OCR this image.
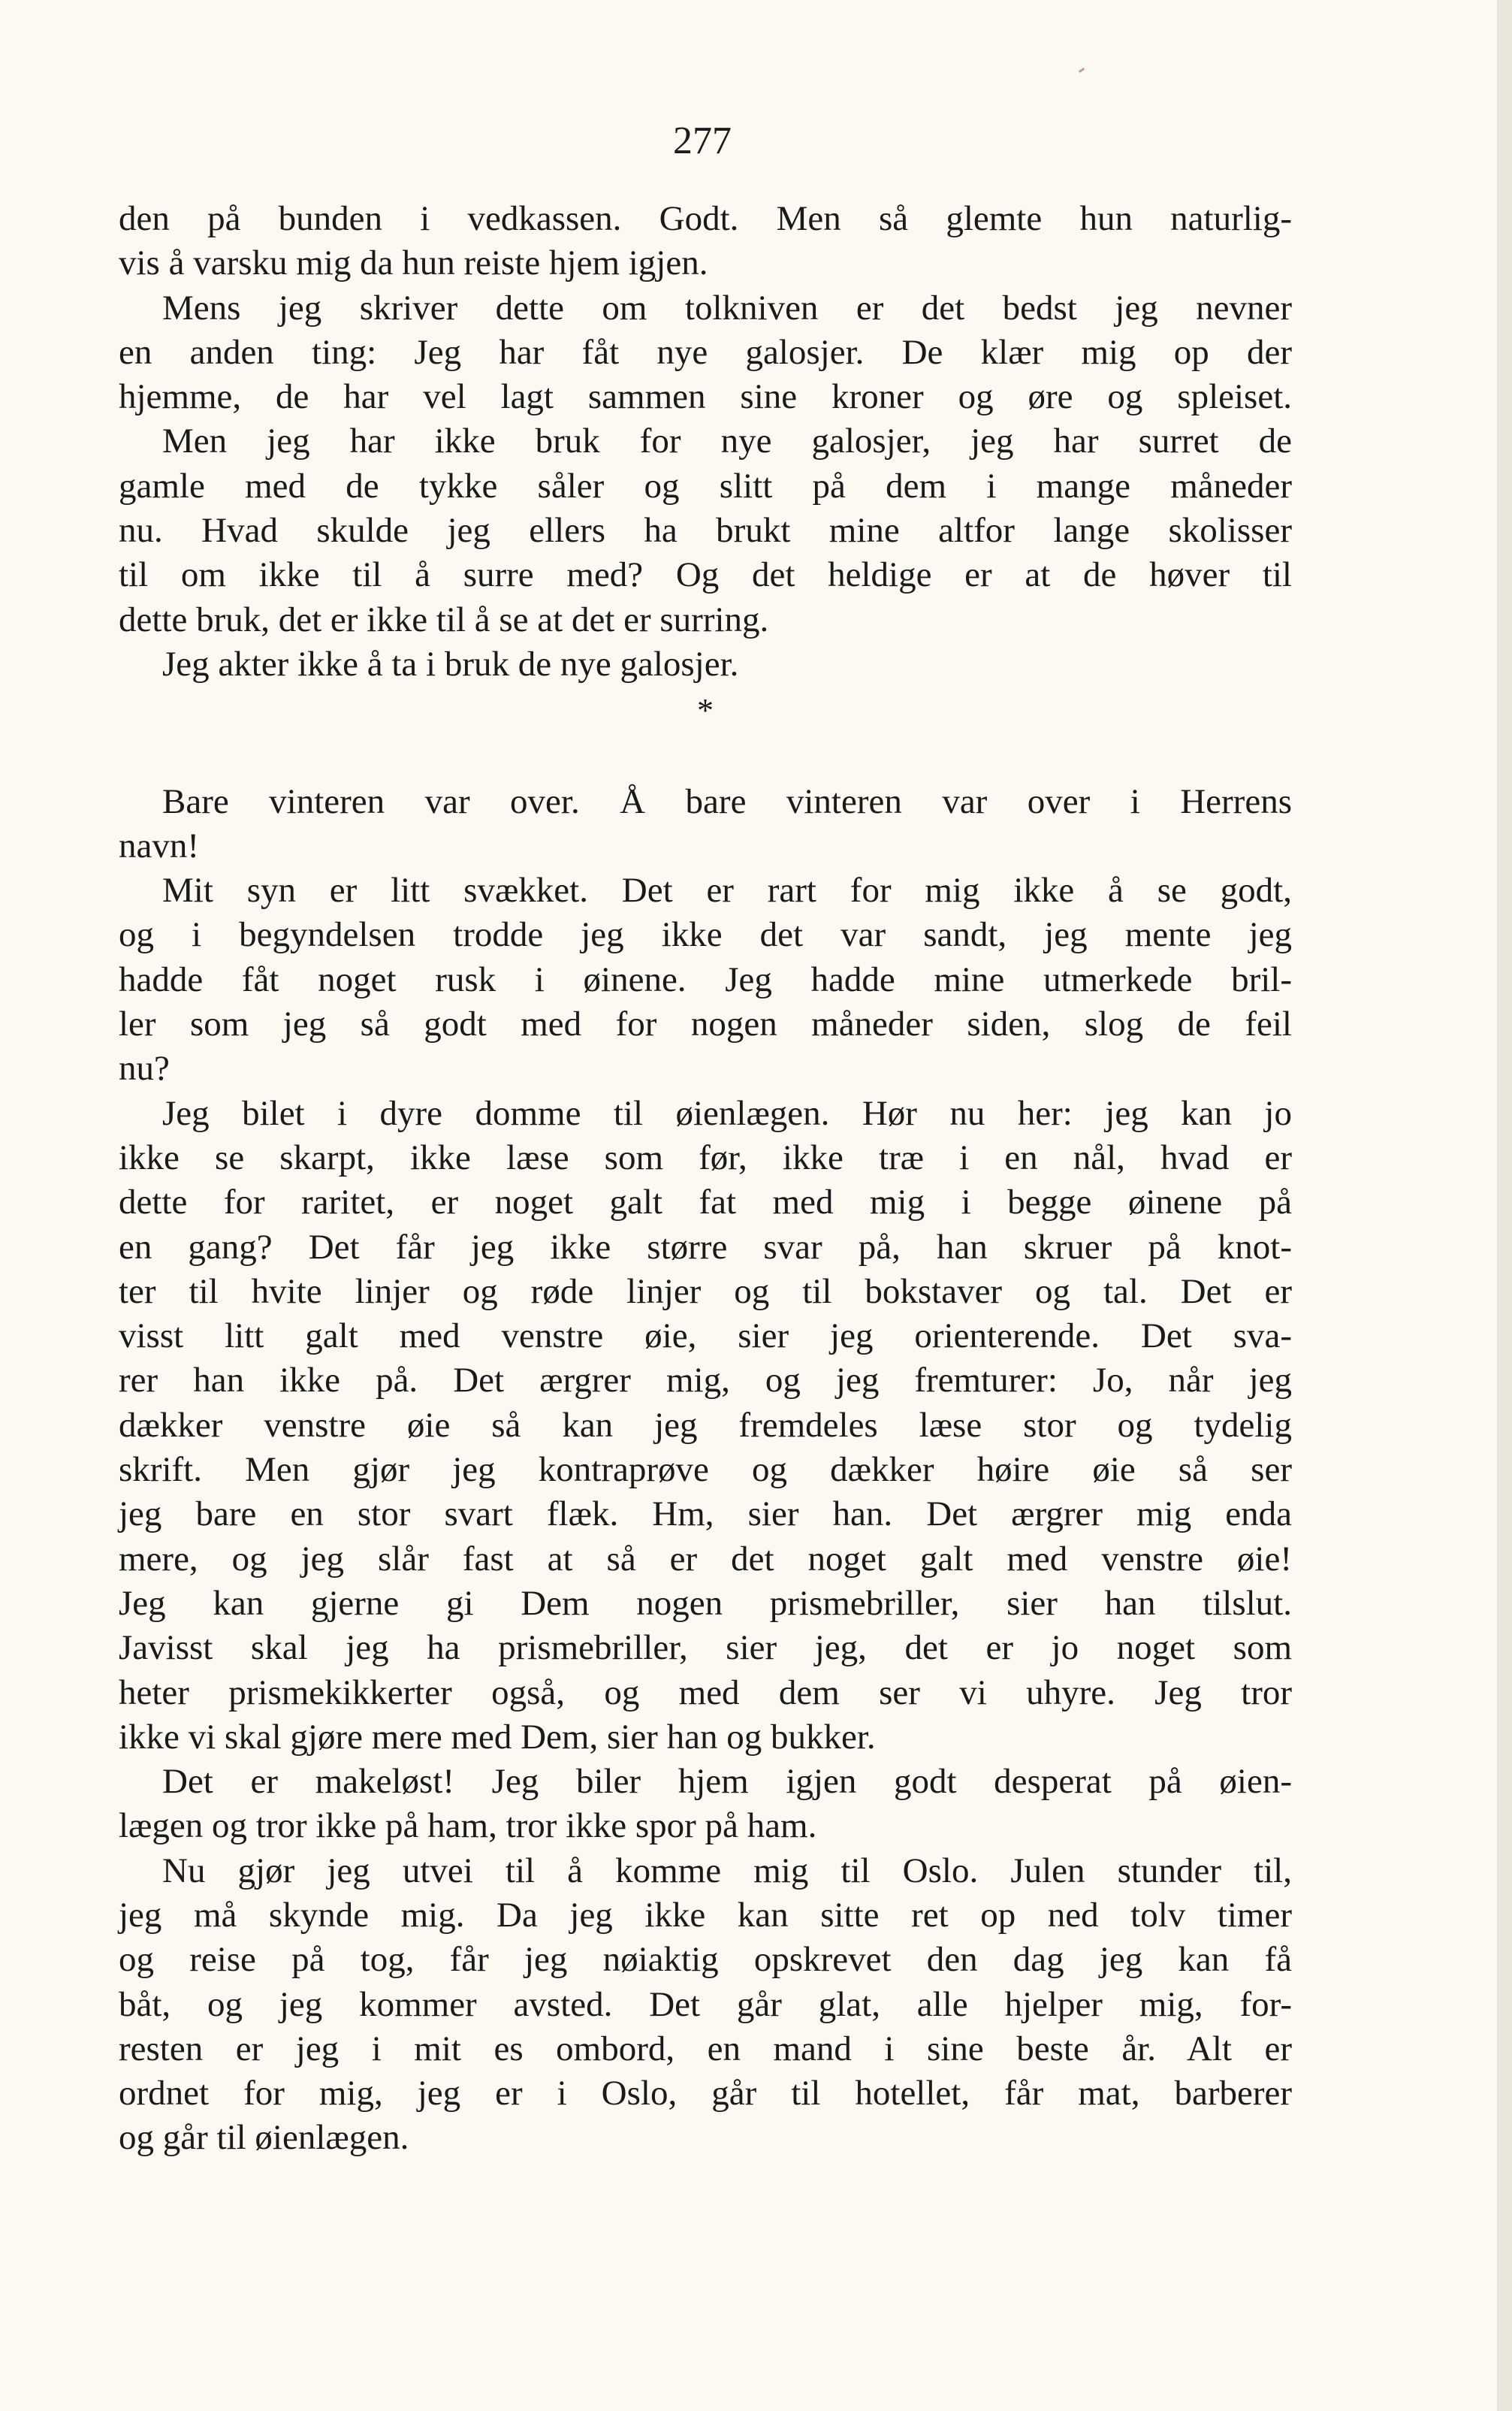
277
den på bunden i vedkassen. Godt. Men så glemte hun naturlig-
vis å varsku mig da hun reiste hjem igjen.
Mens jeg skriver dette om tolkniven er det bedst jeg nevner
en anden ting: Jeg har fåt nye galosjer. De klær mig op der
hjemme, de har vel lagt sammen sine kroner og øre og spleiset.
Men jeg har ikke bruk for nye galosjer, jeg har surret de
gamle med de tykke såler og slitt på dem i mange måneder
nu. Hvad skulde jeg ellers ha brukt mine altfor lange skolisser
til om ikke til å surre med? Og det heldige er at de høver til
dette bruk, det er ikke til å se at det er surring.
Jeg akter ikke å ta i bruk de nye galosjer.
*
Bare vinteren var over. Å bare vinteren var over i Herrens
navn!
Mit syn er litt svækket. Det er rart for mig ikke å se godt,
og i begyndelsen trodde jeg ikke det var sandt, jeg mente jeg
hadde fåt noget rusk i øinene. Jeg hadde mine utmerkede bril-
ler som jeg så godt med for nogen måneder siden, slog de feil
nu?
Jeg bilet i dyre domme til øienlægen. Hør nu her: jeg kan jo
ikke se skarpt, ikke læse som før, ikke træ i en nål, hvad er
dette for raritet, er noget galt fat med mig i begge øinene på
en gang? Det får jeg ikke større svar på, han skruer på knot-
ter til hvite linjer og røde linjer og til bokstaver og tal. Det er
visst litt galt med venstre øie, sier jeg orienterende. Det sva-
rer han ikke på. Det ærgrer mig, og jeg fremturer: Jo, når jeg
dækker venstre øie så kan jeg fremdeles læse stor og tydelig
skrift. Men gjør jeg kontraprøve og dækker høire øie så ser
jeg bare en stor svart flæk. Hm, sier han. Det ærgrer mig enda
mere, og jeg slår fast at så er det noget galt med venstre øie!
Jeg kan gjerne gi Dem nogen prismebriller, sier han tilslut.
Javisst skal jeg ha prismebriller, sier jeg, det er jo noget som
heter prismekikkerter også, og med dem ser vi uhyre. Jeg tror
ikke vi skal gjøre mere med Dem, sier han og bukker.
Det er makeløst! Jeg biler hjem igjen godt desperat på øien-
lægen og tror ikke på ham, tror ikke spor på ham.
Nu gjør jeg utvei til å komme mig til Oslo. Julen stunder til,
jeg må skynde mig. Da jeg ikke kan sitte ret op ned tolv timer
og reise på tog, får jeg nøiaktig opskrevet den dag jeg kan få
båt, og jeg kommer avsted. Det går glat, alle hjelper mig, for-
resten er jeg i mit es ombord, en mand i sine beste år. Alt er
ordnet for mig, jeg er i Oslo, går til hotellet, får mat, barberer
og går til øienlægen.
